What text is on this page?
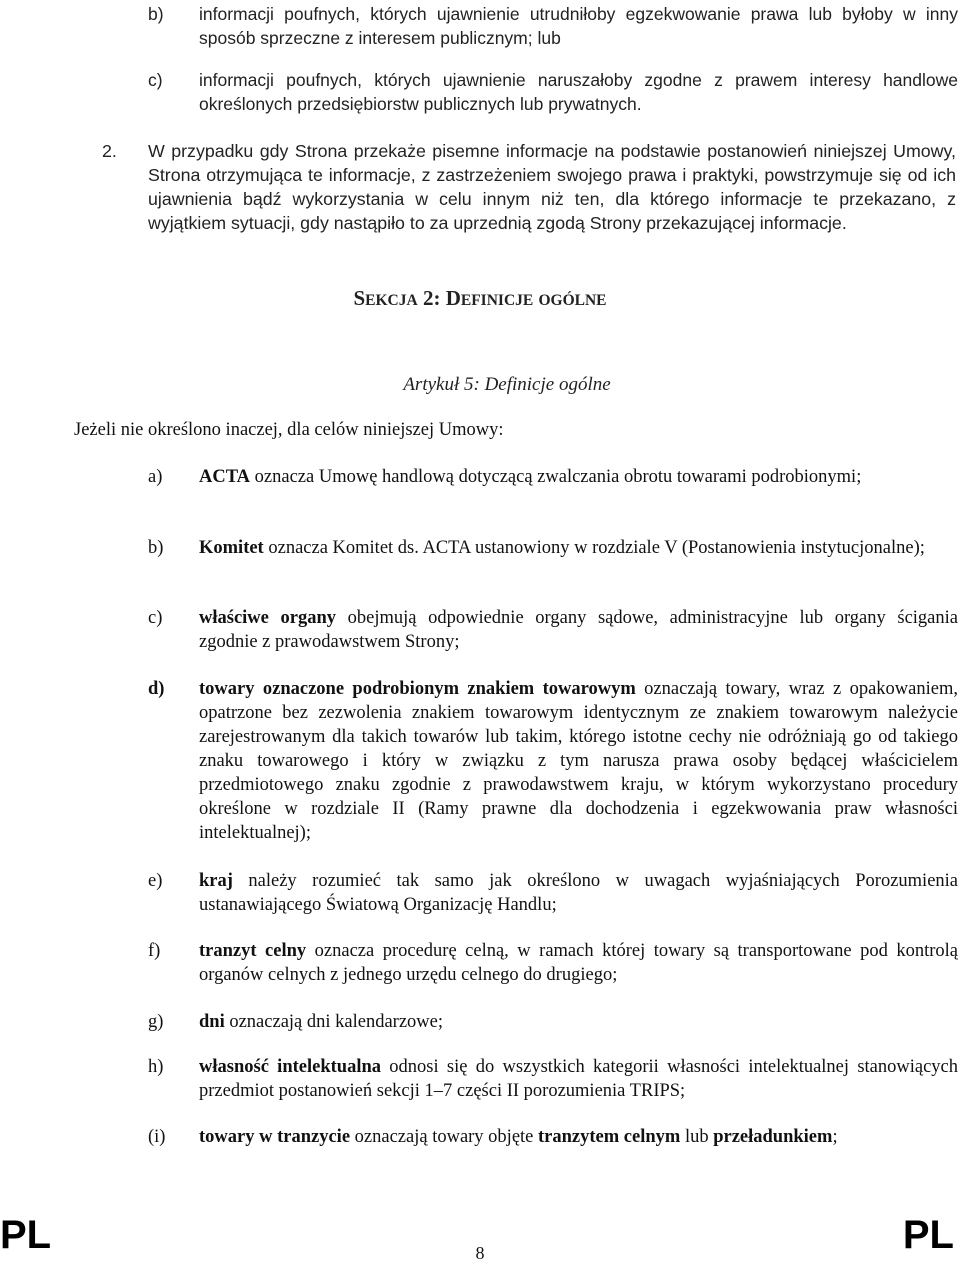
b) informacji poufnych, których ujawnienie utrudniłoby egzekwowanie prawa lub byłoby w inny sposób sprzeczne z interesem publicznym; lub
c) informacji poufnych, których ujawnienie naruszałoby zgodne z prawem interesy handlowe określonych przedsiębiorstw publicznych lub prywatnych.
2. W przypadku gdy Strona przekaże pisemne informacje na podstawie postanowień niniejszej Umowy, Strona otrzymująca te informacje, z zastrzeżeniem swojego prawa i praktyki, powstrzymuje się od ich ujawnienia bądź wykorzystania w celu innym niż ten, dla którego informacje te przekazano, z wyjątkiem sytuacji, gdy nastąpiło to za uprzednią zgodą Strony przekazującej informacje.
SEKCJA 2: DEFINICJE OGÓLNE
Artykuł 5: Definicje ogólne
Jeżeli nie określono inaczej, dla celów niniejszej Umowy:
a) ACTA oznacza Umowę handlową dotyczącą zwalczania obrotu towarami podrobionymi;
b) Komitet oznacza Komitet ds. ACTA ustanowiony w rozdziale V (Postanowienia instytucjonalne);
c) właściwe organy obejmują odpowiednie organy sądowe, administracyjne lub organy ścigania zgodnie z prawodawstwem Strony;
d) towary oznaczone podrobionym znakiem towarowym oznaczają towary, wraz z opakowaniem, opatrzone bez zezwolenia znakiem towarowym identycznym ze znakiem towarowym należycie zarejestrowanym dla takich towarów lub takim, którego istotne cechy nie odróżniają go od takiego znaku towarowego i który w związku z tym narusza prawa osoby będącej właścicielem przedmiotowego znaku zgodnie z prawodawstwem kraju, w którym wykorzystano procedury określone w rozdziale II (Ramy prawne dla dochodzenia i egzekwowania praw własności intelektualnej);
e) kraj należy rozumieć tak samo jak określono w uwagach wyjaśniających Porozumienia ustanawiającego Światową Organizację Handlu;
f) tranzyt celny oznacza procedurę celną, w ramach której towary są transportowane pod kontrolą organów celnych z jednego urzędu celnego do drugiego;
g) dni oznaczają dni kalendarzowe;
h) własność intelektualna odnosi się do wszystkich kategorii własności intelektualnej stanowiących przedmiot postanowień sekcji 1–7 części II porozumienia TRIPS;
(i) towary w tranzycie oznaczają towary objęte tranzytem celnym lub przeładunkiem;
PL	PL
8
